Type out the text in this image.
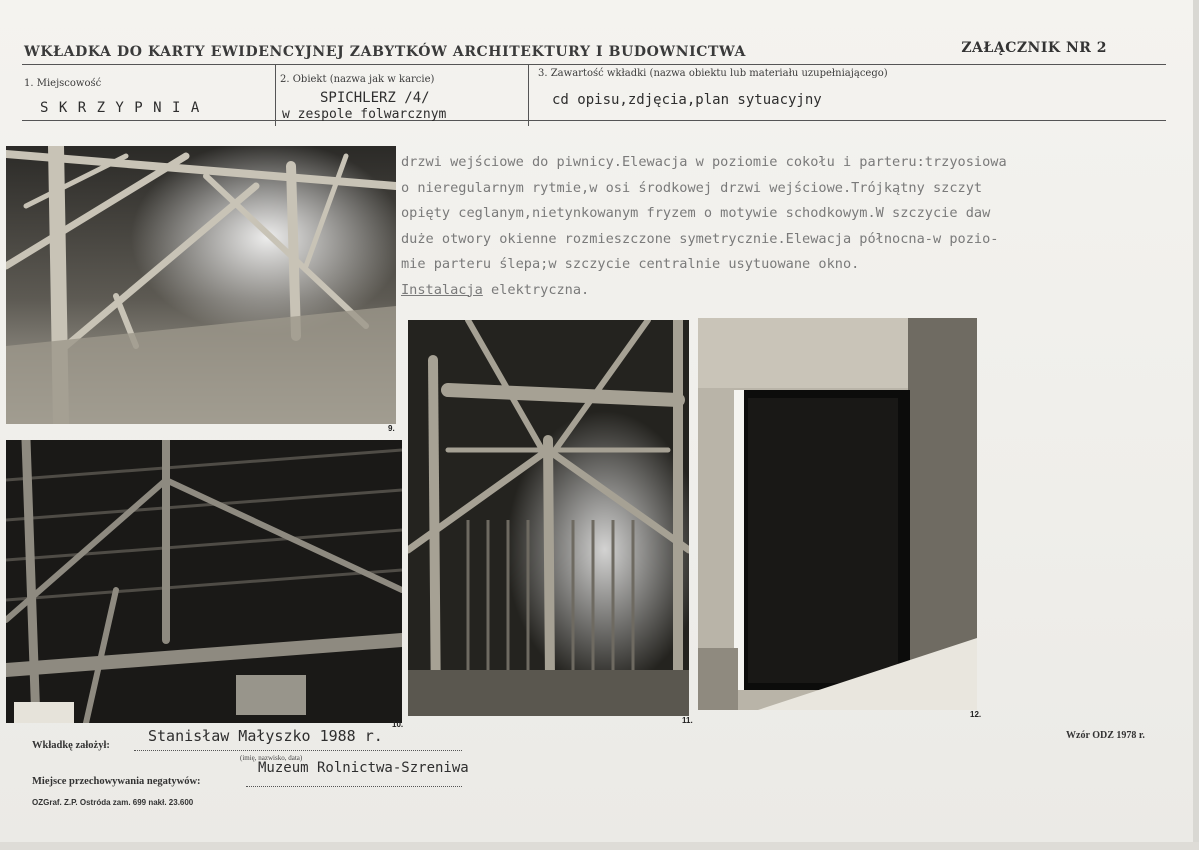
WKŁADKA DO KARTY EWIDENCYJNEJ ZABYTKÓW ARCHITEKTURY I BUDOWNICTWA	ZAŁĄCZNIK NR 2
1. Miejscowość
S K R Z Y P N I A
2. Obiekt (nazwa jak w karcie)
SPICHLERZ /4/
w zespole folwarcznym
3. Zawartość wkładki (nazwa obiektu lub materiału uzupełniającego)
cd opisu,zdjęcia,plan sytuacyjny
drzwi wejściowe do piwnicy.Elewacja w poziomie cokołu i parteru:trzyosiowa
o nieregularnym rytmie,w osi środkowej drzwi wejściowe.Trójkątny szczyt
opięty ceglanym,nietynkowanym fryzem o motywie schodkowym.W szczycie daw
duże otwory okienne rozmieszczone symetrycznie.Elewacja północna-w pozio-
mie parteru ślepa;w szczycie centralnie usytuowane okno.
Instalacja elektryczna.
9.
10.	11.
12.
Wkładkę założył:
Stanisław Małyszko 1988 r.
(imię, nazwisko, data)
Miejsce przechowywania negatywów:
Muzeum Rolnictwa-Szreniwa
OZGraf. Z.P. Ostróda zam. 699 nakł. 23.600
Wzór ODZ 1978 r.
